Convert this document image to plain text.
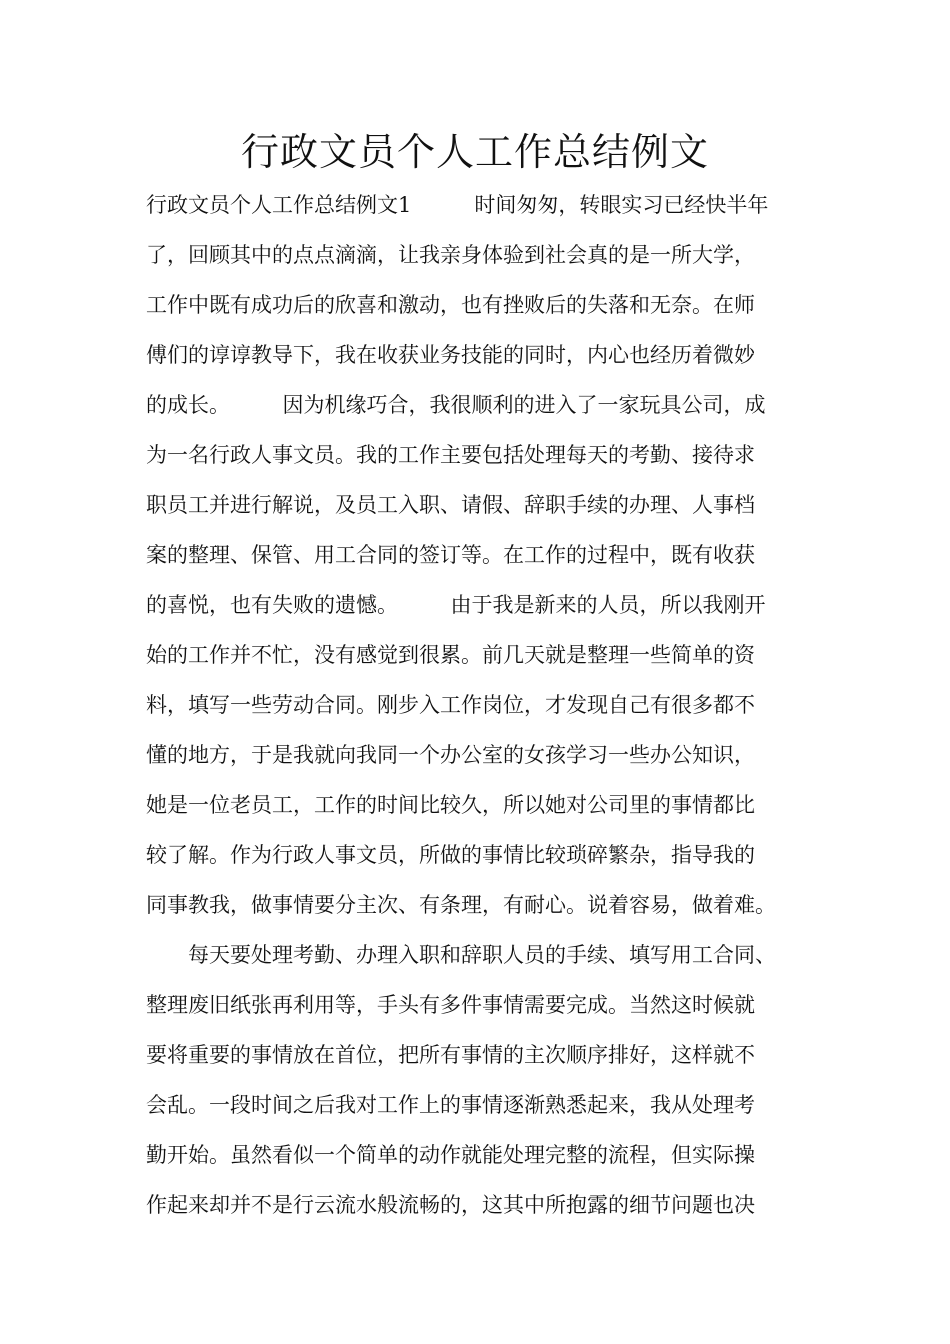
行政文员个人工作总结例文
行政文员个人工作总结例文1　　　时间匆匆，转眼实习已经快半年
了，回顾其中的点点滴滴，让我亲身体验到社会真的是一所大学，
工作中既有成功后的欣喜和激动，也有挫败后的失落和无奈。在师
傅们的谆谆教导下，我在收获业务技能的同时，内心也经历着微妙
的成长。　　　因为机缘巧合，我很顺利的进入了一家玩具公司，成
为一名行政人事文员。我的工作主要包括处理每天的考勤、接待求
职员工并进行解说，及员工入职、请假、辞职手续的办理、人事档
案的整理、保管、用工合同的签订等。在工作的过程中，既有收获
的喜悦，也有失败的遗憾。　　　由于我是新来的人员，所以我刚开
始的工作并不忙，没有感觉到很累。前几天就是整理一些简单的资
料，填写一些劳动合同。刚步入工作岗位，才发现自己有很多都不
懂的地方，于是我就向我同一个办公室的女孩学习一些办公知识，
她是一位老员工，工作的时间比较久，所以她对公司里的事情都比
较了解。作为行政人事文员，所做的事情比较琐碎繁杂，指导我的
同事教我，做事情要分主次、有条理，有耐心。说着容易，做着难。
　　每天要处理考勤、办理入职和辞职人员的手续、填写用工合同、
整理废旧纸张再利用等，手头有多件事情需要完成。当然这时候就
要将重要的事情放在首位，把所有事情的主次顺序排好，这样就不
会乱。一段时间之后我对工作上的事情逐渐熟悉起来，我从处理考
勤开始。虽然看似一个简单的动作就能处理完整的流程，但实际操
作起来却并不是行云流水般流畅的，这其中所抱露的细节问题也决
